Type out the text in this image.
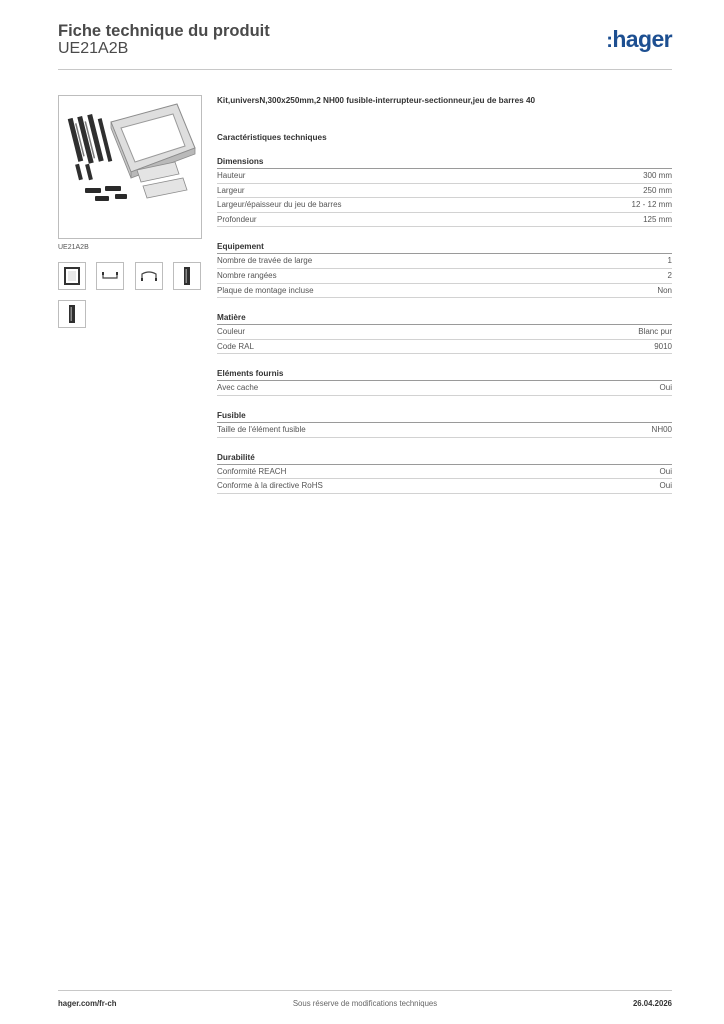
Fiche technique du produit
UE21A2B	:hager
UE21A2B
Kit,universN,300x250mm,2 NH00 fusible-interrupteur-sectionneur,jeu de barres 40
Caractéristiques techniques
Dimensions
Hauteur	300 mm
Largeur	250 mm
Largeur/épaisseur du jeu de barres	12 - 12 mm
Profondeur	125 mm
Equipement
Nombre de travée de large	1
Nombre rangées	2
Plaque de montage incluse	Non
Matière
Couleur	Blanc pur
Code RAL	9010
Eléments fournis
Avec cache	Oui
Fusible
Taille de l'élément fusible	NH00
Durabilité
Conformité REACH	Oui
Conforme à la directive RoHS	Oui
hager.com/fr-ch	Sous réserve de modifications techniques	26.04.2026
